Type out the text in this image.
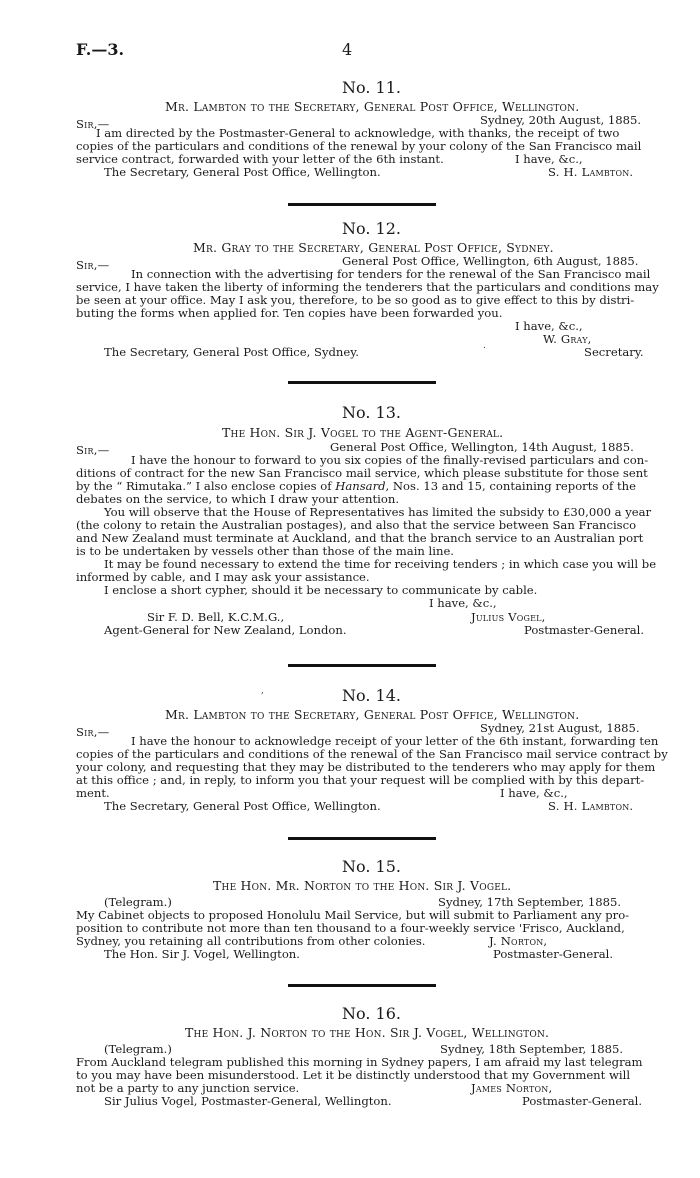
F.—3.	4
No. 11.
Mr. Lambton to the Secretary, General Post Office, Wellington.
Sir,—	Sydney, 20th August, 1885.
I am directed by the Postmaster-General to acknowledge, with thanks, the receipt of two
copies of the particulars and conditions of the renewal by your colony of the San Francisco mail
service contract, forwarded with your letter of the 6th instant.	I have, &c.,
The Secretary, General Post Office, Wellington.	S. H. Lambton.
No. 12.
Mr. Gray to the Secretary, General Post Office, Sydney.
Sir,—	General Post Office, Wellington, 6th August, 1885.
In connection with the advertising for tenders for the renewal of the San Francisco mail
service, I have taken the liberty of informing the tenderers that the particulars and conditions may
be seen at your office. May I ask you, therefore, to be so good as to give effect to this by distri-
buting the forms when applied for. Ten copies have been forwarded you.
I have, &c.,
W. Gray,
The Secretary, General Post Office, Sydney.	Secretary.
.
No. 13.
The Hon. Sir J. Vogel to the Agent-General.
Sir,—	General Post Office, Wellington, 14th August, 1885.
I have the honour to forward to you six copies of the finally-revised particulars and con-
ditions of contract for the new San Francisco mail service, which please substitute for those sent
by the “ Rimutaka.” I also enclose copies of Hansard, Nos. 13 and 15, containing reports of the
debates on the service, to which I draw your attention.
You will observe that the House of Representatives has limited the subsidy to £30,000 a year
(the colony to retain the Australian postages), and also that the service between San Francisco
and New Zealand must terminate at Auckland, and that the branch service to an Australian port
is to be undertaken by vessels other than those of the main line.
It may be found necessary to extend the time for receiving tenders ; in which case you will be
informed by cable, and I may ask your assistance.
I enclose a short cypher, should it be necessary to communicate by cable.
I have, &c.,
Sir F. D. Bell, K.C.M.G.,	Julius Vogel,
Agent-General for New Zealand, London.	Postmaster-General.
,	No. 14.
Mr. Lambton to the Secretary, General Post Office, Wellington.
Sir,—	Sydney, 21st August, 1885.
I have the honour to acknowledge receipt of your letter of the 6th instant, forwarding ten
copies of the particulars and conditions of the renewal of the San Francisco mail service contract by
your colony, and requesting that they may be distributed to the tenderers who may apply for them
at this office ; and, in reply, to inform you that your request will be complied with by this depart-
ment.	I have, &c.,
The Secretary, General Post Office, Wellington.	S. H. Lambton.
No. 15.
The Hon. Mr. Norton to the Hon. Sir J. Vogel.
(Telegram.)	Sydney, 17th September, 1885.
My Cabinet objects to proposed Honolulu Mail Service, but will submit to Parliament any pro-
position to contribute not more than ten thousand to a four-weekly service 'Frisco, Auckland,
Sydney, you retaining all contributions from other colonies.	J. Norton,
The Hon. Sir J. Vogel, Wellington.	Postmaster-General.
No. 16.
The Hon. J. Norton to the Hon. Sir J. Vogel, Wellington.
(Telegram.)	Sydney, 18th September, 1885.
From Auckland telegram published this morning in Sydney papers, I am afraid my last telegram
to you may have been misunderstood. Let it be distinctly understood that my Government will
not be a party to any junction service.	James Norton,
Sir Julius Vogel, Postmaster-General, Wellington.	Postmaster-General.
